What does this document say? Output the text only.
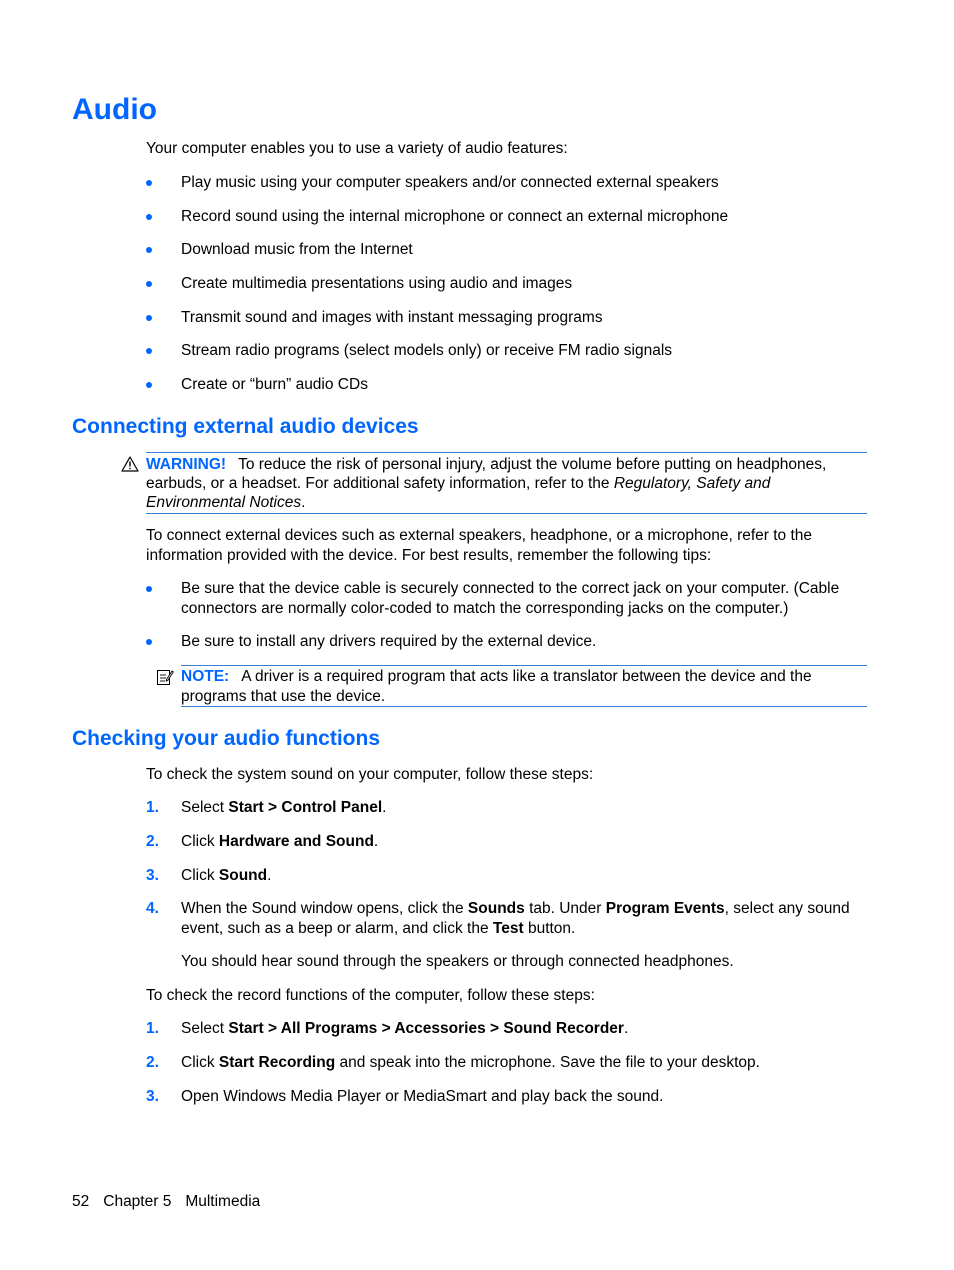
Audio

Your computer enables you to use a variety of audio features:

Play music using your computer speakers and/or connected external speakers
Record sound using the internal microphone or connect an external microphone
Download music from the Internet
Create multimedia presentations using audio and images
Transmit sound and images with instant messaging programs
Stream radio programs (select models only) or receive FM radio signals
Create or “burn” audio CDs
Connecting external audio devices
WARNING! To reduce the risk of personal injury, adjust the volume before putting on headphones, earbuds, or a headset. For additional safety information, refer to the Regulatory, Safety and Environmental Notices.

To connect external devices such as external speakers, headphone, or a microphone, refer to the information provided with the device. For best results, remember the following tips:

Be sure that the device cable is securely connected to the correct jack on your computer. (Cable connectors are normally color-coded to match the corresponding jacks on the computer.)
Be sure to install any drivers required by the external device.
NOTE: A driver is a required program that acts like a translator between the device and the programs that use the device.
Checking your audio functions

To check the system sound on your computer, follow these steps:

1. Select Start > Control Panel.
2. Click Hardware and Sound.
3. Click Sound.
4. When the Sound window opens, click the Sounds tab. Under Program Events, select any sound event, such as a beep or alarm, and click the Test button.

You should hear sound through the speakers or through connected headphones.

To check the record functions of the computer, follow these steps:

1. Select Start > All Programs > Accessories > Sound Recorder.
2. Click Start Recording and speak into the microphone. Save the file to your desktop.
3. Open Windows Media Player or MediaSmart and play back the sound.
52 Chapter 5 Multimedia
